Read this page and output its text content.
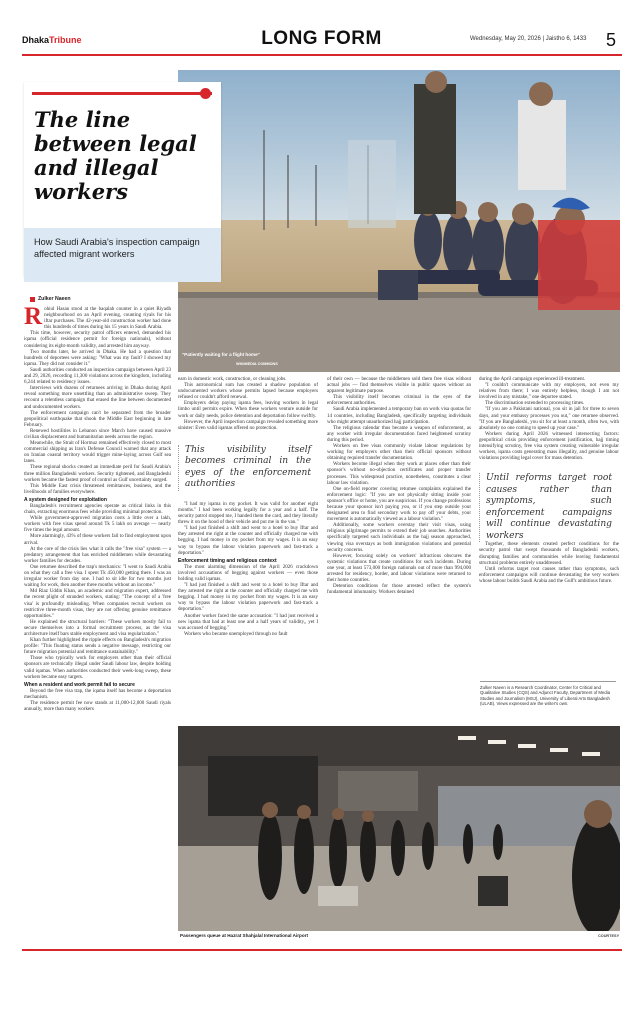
DhakaTribune	LONG FORM	Wednesday, May 20, 2026 | Jaistho 6, 1433 5
"Patiently waiting for a flight home"
WIKIMEDIA COMMONS
The line between legal and illegal workers
How Saudi Arabia's inspection campaign affected migrant workers
Zulker Naeen

Rohiul Hasan stood at the baqalah counter in a quiet Riyadh neighbourhood on an April evening, counting riyals for his iftar purchases. The 42-year-old construction worker had done this hundreds of times during his 15 years in Saudi Arabia.

This time, however, security patrol officers entered, demanded his iqama (official residence permit for foreign nationals), without considering its eight-month validity, and arrested him anyway.

Two months later, he arrived in Dhaka. He had a question that hundreds of deportees were asking: "What was my fault? I showed my iqama. They did not consider it."

Saudi authorities conducted an inspection campaign between April 23 and 29, 2026, recording 11,300 violations across the kingdom, including 6,244 related to residency issues.

Interviews with dozens of returnees arriving in Dhaka during April reveal something more unsettling than an administrative sweep. They recount a relentless campaign that erased the line between documented and undocumented workers.

The enforcement campaign can't be separated from the broader geopolitical earthquake that shook the Middle East beginning in late February.

Renewed hostilities in Lebanon since March have caused massive civilian displacement and humanitarian needs across the region.

Meanwhile, the Strait of Hormuz remained effectively closed to most commercial shipping as Iran's Defense Council warned that any attack on Iranian coastal territory would trigger mine-laying across Gulf sea lanes.

These regional shocks created an immediate peril for Saudi Arabia's three million Bangladeshi workers. Security tightened, and Bangladeshi workers became the fastest proof of control as Gulf uncertainty surged.

This Middle East crisis threatened remittances, business, and the livelihoods of families everywhere.

A system designed for exploitation

Bangladesh's recruitment agencies operate as critical links in this chain, extracting enormous fees while providing minimal protection.

While government-approved migration costs a little over a lakh, workers with free visas spend around Tk 5 lakh on average — nearly five times the legal amount.

More alarmingly, 43% of these workers fail to find employment upon arrival.

At the core of the crisis lies what it calls the "free visa" system — a predatory arrangement that has enriched middlemen while devastating worker families for decades.

One returnee described the trap's mechanics: "I went to Saudi Arabia on what they call a free visa. I spent Tk 450,000 getting there. I was an irregular worker from day one. I had to sit idle for two months just waiting for work, then another three months without an income."

Md Riaz Uddin Khan, an academic and migration expert, addressed the recent plight of stranded workers, stating: "The concept of a 'free visa' is profoundly misleading. When companies recruit workers on restrictive three-month visas, they are not offering genuine remittance opportunities."

He explained the structural barriers: "These workers mostly fail to secure themselves into a formal recruitment process, as the visa architecture itself bars stable employment and visa regularization."

Khan further highlighted the ripple effects on Bangladesh's migration profile: "This floating status sends a negative message, restricting our future migration potential and remittance sustainability."

Those who typically work for employers other than their official sponsors are technically illegal under Saudi labour law, despite holding valid iqamas. When authorities conducted their week-long sweep, these workers became easy targets.

When a resident and work permit fail to secure

Beyond the free visa trap, the iqama itself has become a deportation mechanism.

The residence permit fee now stands at 11,000-12,000 Saudi riyals annually, more than many workers

earn in domestic work, construction, or cleaning jobs.

This astronomical sum has created a shadow population of undocumented workers whose permits lapsed because employers refused or couldn't afford renewal.

Employers delay paying iqama fees, leaving workers in legal limbo until permits expire. When these workers venture outside for work or daily needs, police detention and deportation follow swiftly.

However, the April inspection campaign revealed something more sinister: Even valid iqamas offered no protection.

This visibility itself becomes criminal in the eyes of the enforcement authorities

"I had my iqama in my pocket. It was valid for another eight months." I had been working legally for a year and a half. The security patrol stopped me, I handed them the card, and they literally threw it on the hood of their vehicle and put me in the van."

"I had just finished a shift and went to a hotel to buy Iftar and they arrested me right at the counter and officially charged me with begging. I had money in my pocket from my wages. It is an easy way to bypass the labour violation paperwork and fast-track a deportation."

Enforcement timing and religious context

The most alarming dimension of the April 2026 crackdown involved accusations of begging against workers — even those holding valid iqamas.

"I had just finished a shift and went to a hotel to buy Iftar and they arrested me right at the counter and officially charged me with begging. I had money in my pocket from my wages. It is an easy way to bypass the labour violation paperwork and fast-track a deportation."

Another worker faced the same accusation: "I had just received a new iqama that had at least one and a half years of validity,, yet I was accused of begging."

Workers who became unemployed through no fault

of their own — because the middlemen sold them free visas without actual jobs — find themselves visible in public spaces without an apparent legitimate purpose.

This visibility itself becomes criminal in the eyes of the enforcement authorities.

Saudi Arabia implemented a temporary ban on work visa quotas for 14 countries, including Bangladesh, specifically targeting individuals who might attempt unauthorized hajj participation.

The religious calendar thus became a weapon of enforcement, as any worker with irregular documentation faced heightened scrutiny during this period.

Workers on free visas commonly violate labour regulations by working for employers other than their official sponsors without obtaining required transfer documentation.

Workers become illegal when they work at places other than their sponsor's without no-objection certificates and proper transfer processes. This widespread practice, nonetheless, constitutes a clear labour law violation.

One on-field reporter covering returnee complaints explained the enforcement logic: "If you are not physically sitting inside your sponsor's office or home, you are suspicious. If you change professions because your sponsor isn't paying you, or if you step outside your designated area to find secondary work to pay off your debts, your movement is automatically viewed as a labour violation."

Additionally, some workers overstay their visit visas, using religious pilgrimage permits to extend their job searches. Authorities specifically targeted such individuals as the hajj season approached, viewing visa overstays as both immigration violations and potential security concerns.

However, focusing solely on workers' infractions obscures the systemic violations that create conditions for such incidents. During one year, at least 573,000 foreign nationals out of more than 994,000 arrested for residency, border, and labour violations were returned to their home countries.

Detention conditions for those arrested reflect the system's fundamental inhumanity. Workers detained

during the April campaign experienced ill-treatment.

"I couldn't communicate with my employers, not even my relatives from there; I was entirely helpless, though I am not involved in any mistake," one deportee stated.

The discrimination extended to processing times.

"If you are a Pakistani national, you sit in jail for three to seven days, and your embassy processes you out," one returnee observed. "If you are Bangladeshi, you sit for at least a month, often two, with absolutely no one coming to speed up your case."

Workers during April 2026 witnessed intersecting factors: geopolitical crisis providing enforcement justification, hajj timing intensifying scrutiny, free visa system creating vulnerable irregular workers, iqama costs generating mass illegality, and genuine labour violations providing legal cover for mass detention.

Until reforms target root causes rather than symptoms, such enforcement campaigns will continue devastating workers

Together, these elements created perfect conditions for the security patrol that swept thousands of Bangladeshi workers, disrupting families and communities while leaving fundamental structural problems entirely unaddressed.

Until reforms target root causes rather than symptoms, such enforcement campaigns will continue devastating the very workers whose labour builds Saudi Arabia and the Gulf's ambitious future.

Zulker Naeen is a Research Coordinator, Center for Critical and Qualitative Studies (CQS) and Adjunct Faculty, Department of Media Studies and Journalism (MSJ), University of Liberal Arts Bangladesh (ULAB). Views expressed are the writer's own.
Passengers queue at Hazrat Shahjalal International Airport	COURTESY
